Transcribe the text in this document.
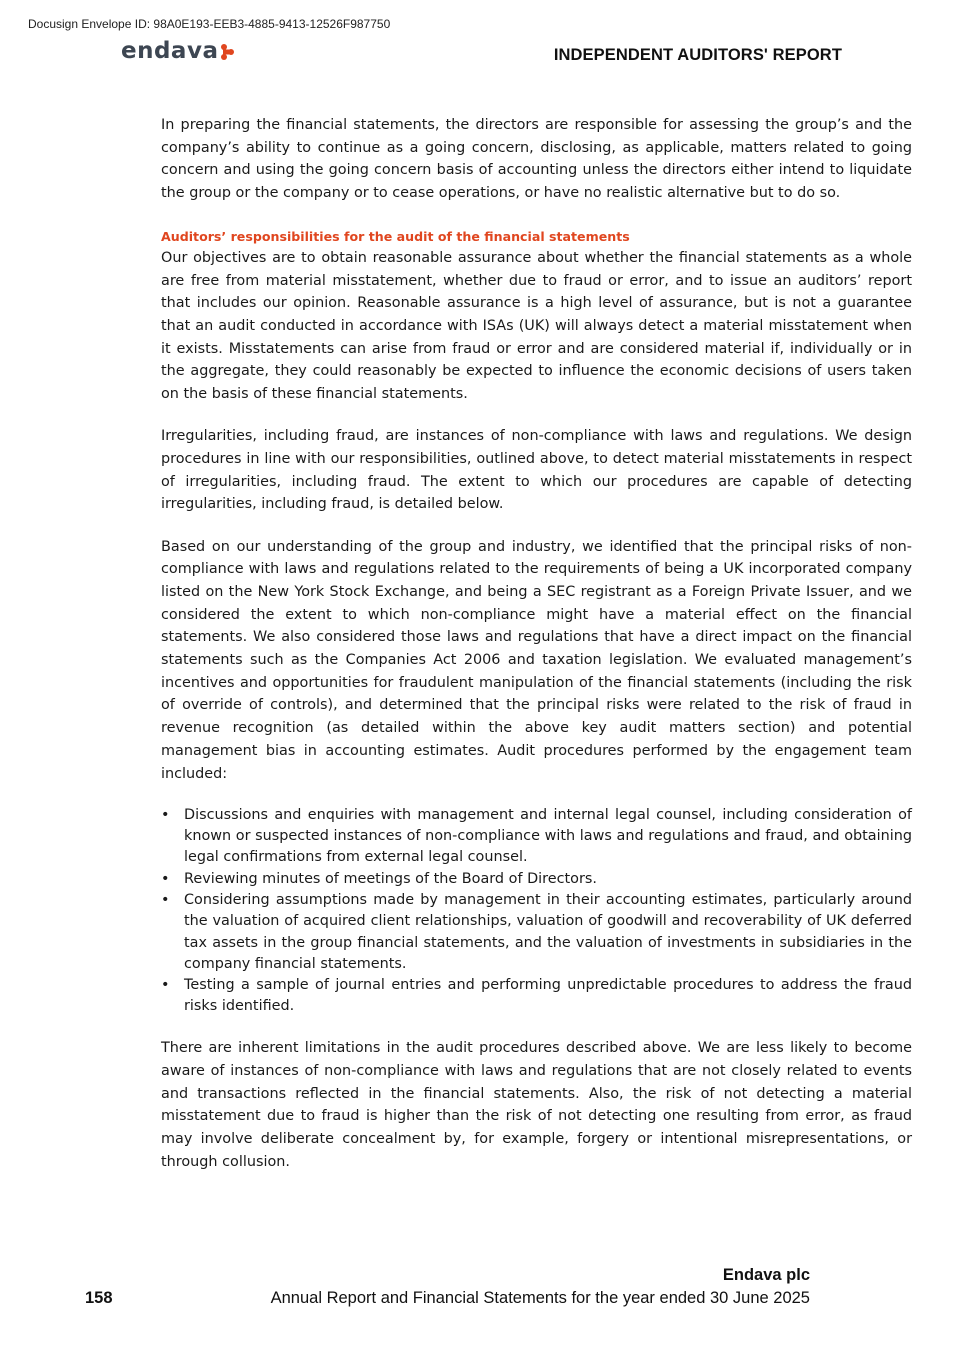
Docusign Envelope ID: 98A0E193-EEB3-4885-9413-12526F987750
endava	INDEPENDENT AUDITORS' REPORT

In preparing the financial statements, the directors are responsible for assessing the group’s and the company’s ability to continue as a going concern, disclosing, as applicable, matters related to going concern and using the going concern basis of accounting unless the directors either intend to liquidate the group or the company or to cease operations, or have no realistic alternative but to do so.

Auditors’ responsibilities for the audit of the financial statements

Our objectives are to obtain reasonable assurance about whether the financial statements as a whole are free from material misstatement, whether due to fraud or error, and to issue an auditors’ report that includes our opinion. Reasonable assurance is a high level of assurance, but is not a guarantee that an audit conducted in accordance with ISAs (UK) will always detect a material misstatement when it exists. Misstatements can arise from fraud or error and are considered material if, individually or in the aggregate, they could reasonably be expected to influence the economic decisions of users taken on the basis of these financial statements.

Irregularities, including fraud, are instances of non-compliance with laws and regulations. We design procedures in line with our responsibilities, outlined above, to detect material misstatements in respect of irregularities, including fraud. The extent to which our procedures are capable of detecting irregularities, including fraud, is detailed below.

Based on our understanding of the group and industry, we identified that the principal risks of non-compliance with laws and regulations related to the requirements of being a UK incorporated company listed on the New York Stock Exchange, and being a SEC registrant as a Foreign Private Issuer, and we considered the extent to which non-compliance might have a material effect on the financial statements. We also considered those laws and regulations that have a direct impact on the financial statements such as the Companies Act 2006 and taxation legislation. We evaluated management’s incentives and opportunities for fraudulent manipulation of the financial statements (including the risk of override of controls), and determined that the principal risks were related to the risk of fraud in revenue recognition (as detailed within the above key audit matters section) and potential management bias in accounting estimates. Audit procedures performed by the engagement team included:

• Discussions and enquiries with management and internal legal counsel, including consideration of known or suspected instances of non-compliance with laws and regulations and fraud, and obtaining legal confirmations from external legal counsel.
• Reviewing minutes of meetings of the Board of Directors.
• Considering assumptions made by management in their accounting estimates, particularly around the valuation of acquired client relationships, valuation of goodwill and recoverability of UK deferred tax assets in the group financial statements, and the valuation of investments in subsidiaries in the company financial statements.
• Testing a sample of journal entries and performing unpredictable procedures to address the fraud risks identified.

There are inherent limitations in the audit procedures described above. We are less likely to become aware of instances of non-compliance with laws and regulations that are not closely related to events and transactions reflected in the financial statements. Also, the risk of not detecting a material misstatement due to fraud is higher than the risk of not detecting one resulting from error, as fraud may involve deliberate concealment by, for example, forgery or intentional misrepresentations, or through collusion.

Endava plc
158	Annual Report and Financial Statements for the year ended 30 June 2025
